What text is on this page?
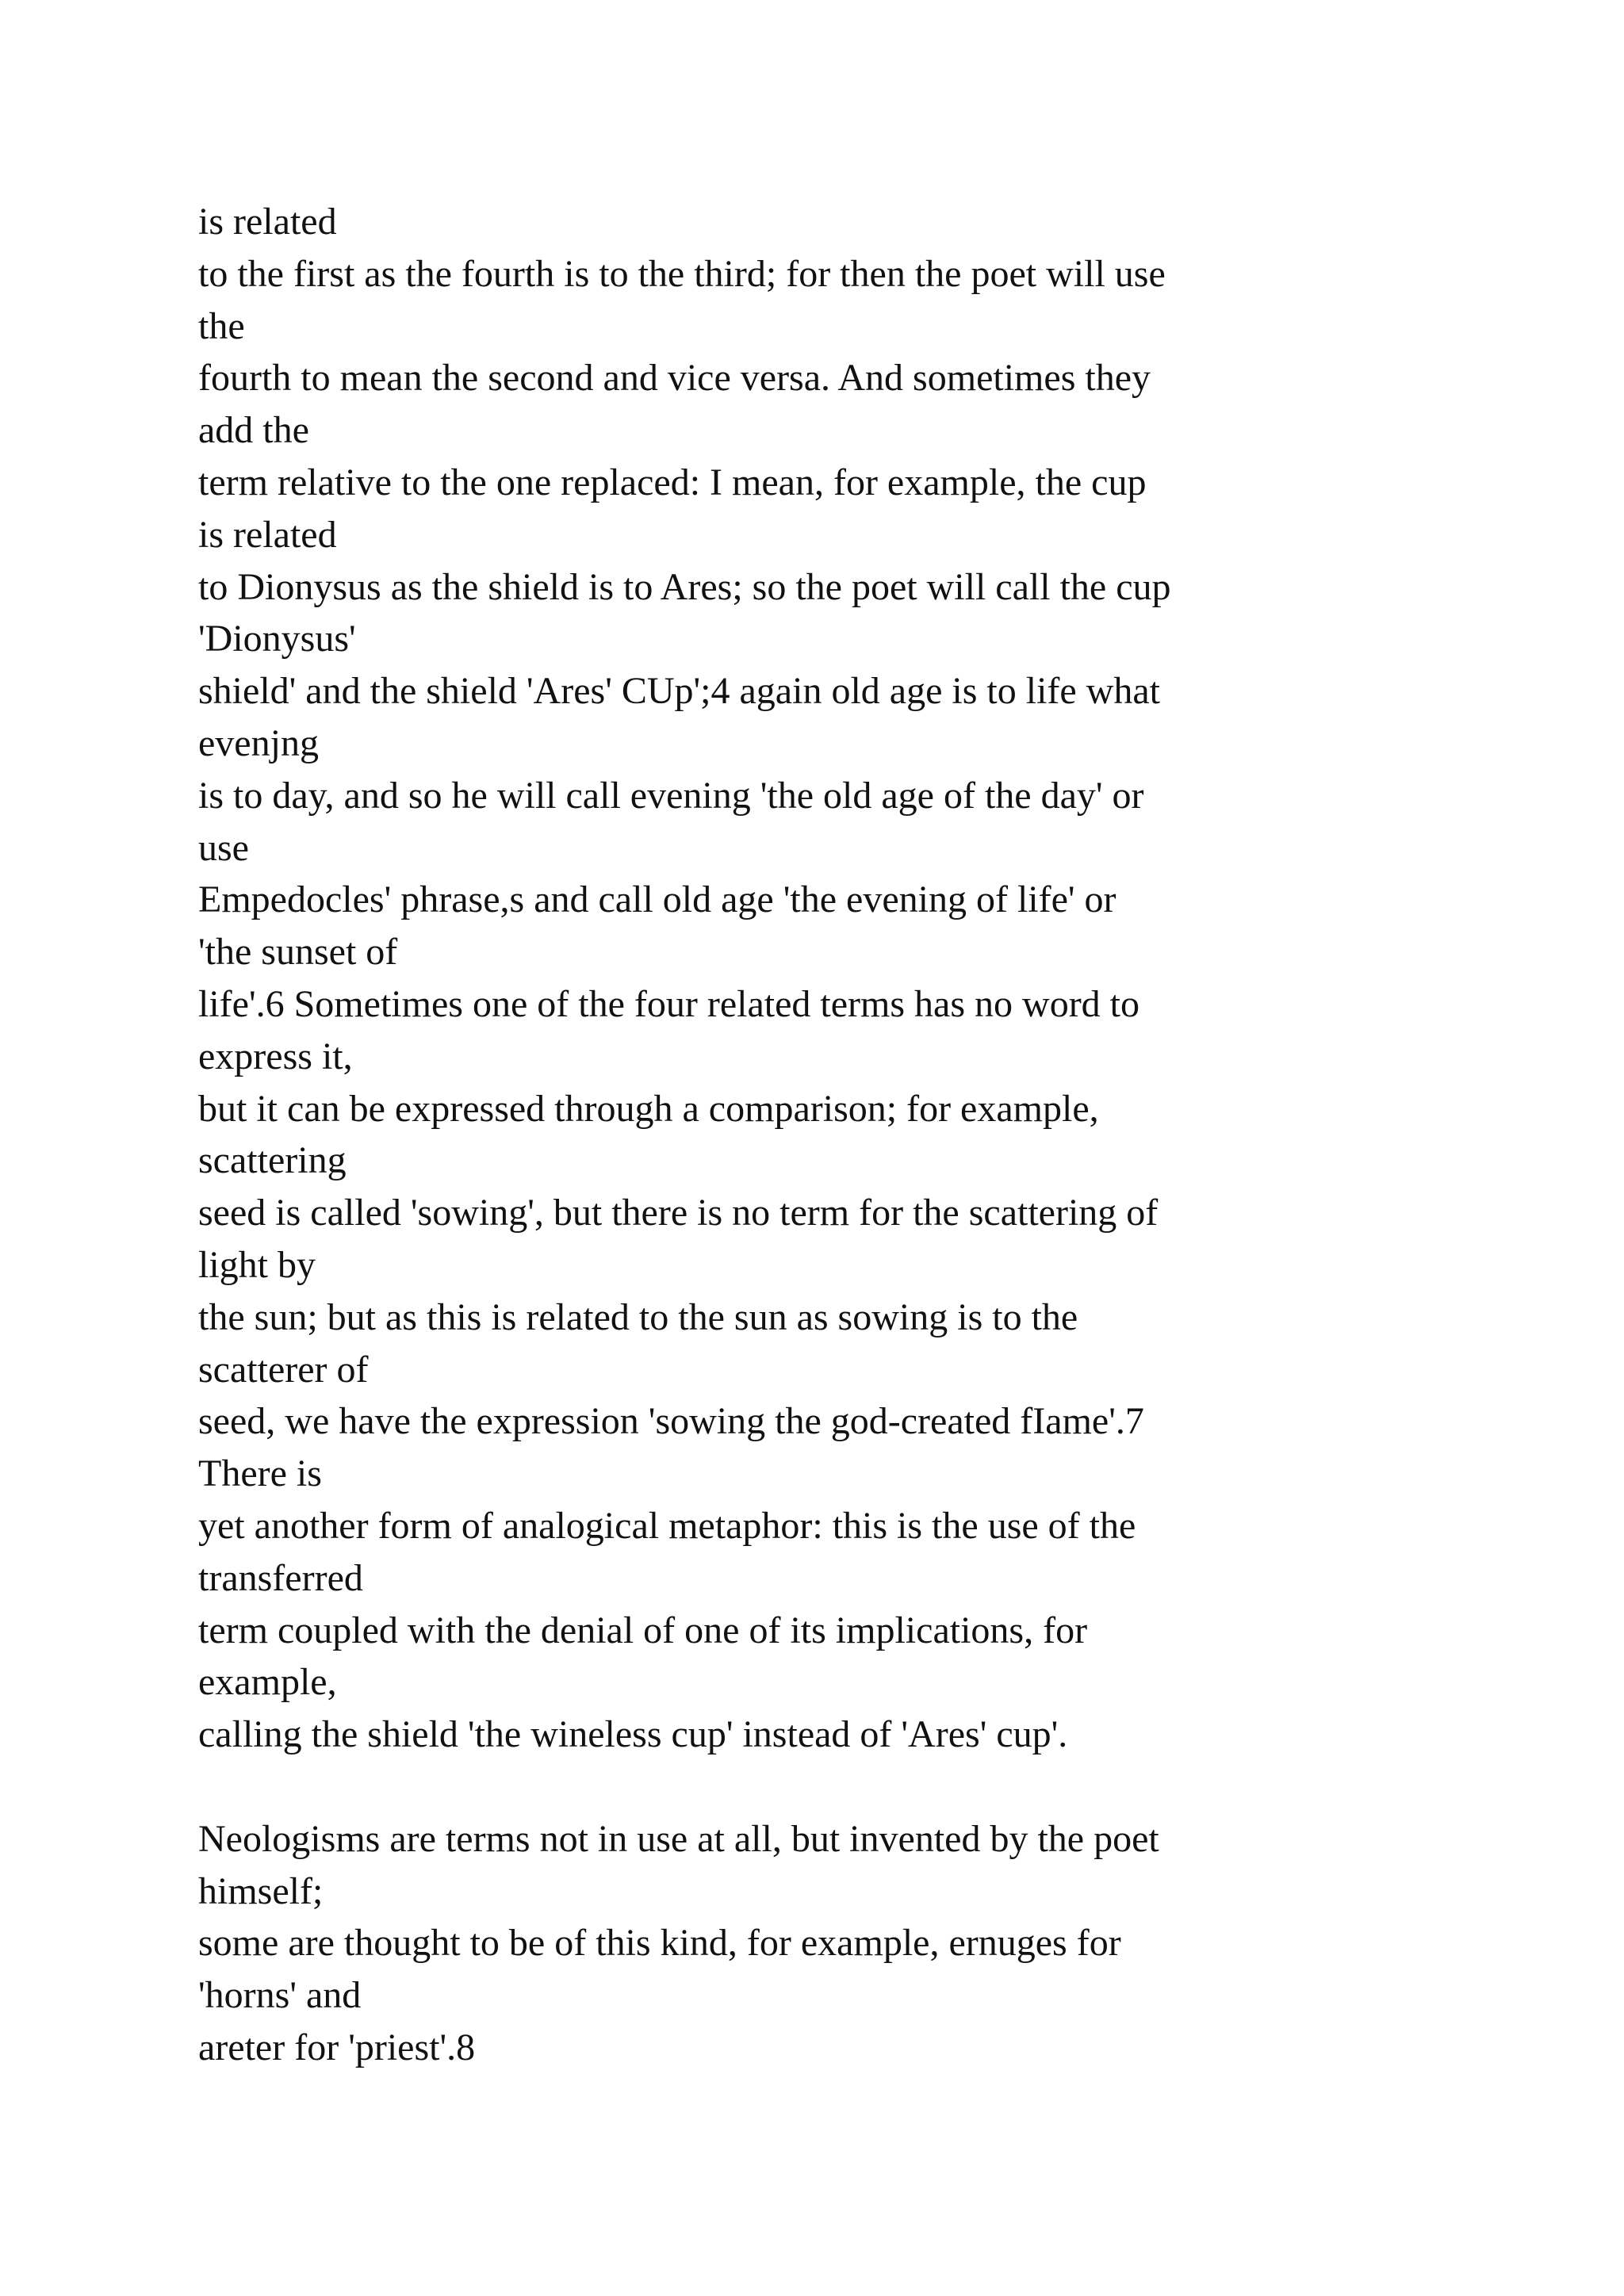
is related
to the first as the fourth is to the third; for then the poet will use
the
fourth to mean the second and vice versa. And sometimes they
add the
term relative to the one replaced: I mean, for example, the cup
is related
to Dionysus as the shield is to Ares; so the poet will call the cup
'Dionysus'
shield' and the shield 'Ares' CUp';4 again old age is to life what
evenjng
is to day, and so he will call evening 'the old age of the day' or
use
Empedocles' phrase,s and call old age 'the evening of life' or
'the sunset of
life'.6 Sometimes one of the four related terms has no word to
express it,
but it can be expressed through a comparison; for example,
scattering
seed is called 'sowing', but there is no term for the scattering of
light by
the sun; but as this is related to the sun as sowing is to the
scatterer of
seed, we have the expression 'sowing the god-created fIame'.7
There is
yet another form of analogical metaphor: this is the use of the
transferred
term coupled with the denial of one of its implications, for
example,
calling the shield 'the wineless cup' instead of 'Ares' cup'.
Neologisms are terms not in use at all, but invented by the poet
himself;
some are thought to be of this kind, for example, ernuges for
'horns' and
areter for 'priest'.8
